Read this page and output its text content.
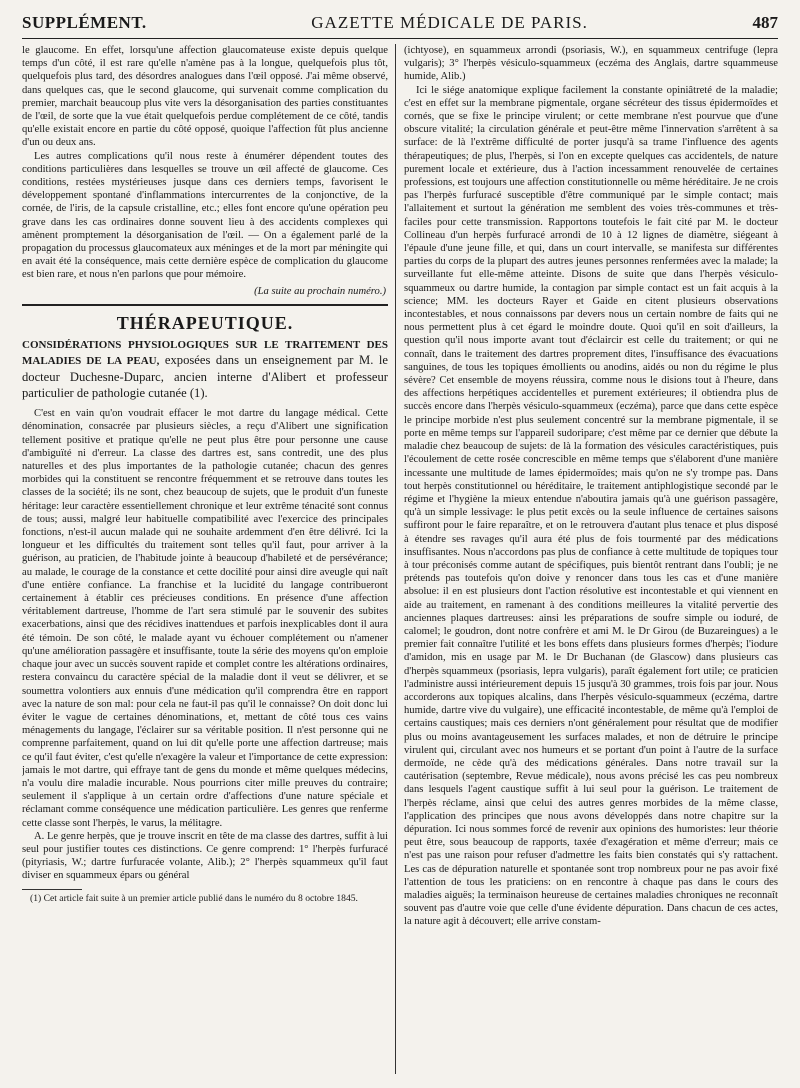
SUPPLÉMENT.	GAZETTE MÉDICALE DE PARIS.	487

le glaucome. En effet, lorsqu'une affection glaucomateuse existe depuis quelque temps d'un côté, il est rare qu'elle n'amène pas à la longue, quelquefois plus tôt, quelquefois plus tard, des désordres analogues dans l'œil opposé. J'ai même observé, dans quelques cas, que le second glaucome, qui survenait comme complication du premier, marchait beaucoup plus vite vers la désorganisation des parties constituantes de l'œil, de sorte que la vue était quelquefois perdue complétement de ce côté, tandis qu'elle existait encore en partie du côté opposé, quoique l'affection fût plus ancienne d'un ou deux ans.

Les autres complications qu'il nous reste à énumérer dépendent toutes des conditions particulières dans lesquelles se trouve un œil affecté de glaucome. Ces conditions, restées mystérieuses jusque dans ces derniers temps, favorisent le développement spontané d'inflammations intercurrentes de la conjonctive, de la cornée, de l'iris, de la capsule cristalline, etc.; elles font encore qu'une opération peu grave dans les cas ordinaires donne souvent lieu à des accidents complexes qui amènent promptement la désorganisation de l'œil. — On a également parlé de la propagation du processus glaucomateux aux méninges et de la mort par méningite qui en avait été la conséquence, mais cette dernière espèce de complication du glaucome est bien rare, et nous n'en parlons que pour mémoire.

(La suite au prochain numéro.)
THÉRAPEUTIQUE.
CONSIDÉRATIONS PHYSIOLOGIQUES SUR LE TRAITEMENT DES MALADIES DE LA PEAU, exposées dans un enseignement par M. le docteur Duchesne-Duparc, ancien interne d'Alibert et professeur particulier de pathologie cutanée (1).

C'est en vain qu'on voudrait effacer le mot dartre du langage médical. Cette dénomination, consacrée par plusieurs siècles, a reçu d'Alibert une signification tellement positive et pratique qu'elle ne peut plus être pour personne une cause d'ambiguïté ni d'erreur. La classe des dartres est, sans contredit, une des plus naturelles et des plus importantes de la pathologie cutanée; chacun des genres morbides qui la constituent se rencontre fréquemment et se retrouve dans toutes les classes de la société; ils ne sont, chez beaucoup de sujets, que le produit d'un funeste héritage: leur caractère essentiellement chronique et leur extrême ténacité sont connus de tous; aussi, malgré leur habituelle compatibilité avec l'exercice des principales fonctions, n'est-il aucun malade qui ne souhaite ardemment d'en être délivré. Ici la longueur et les difficultés du traitement sont telles qu'il faut, pour arriver à la guérison, au praticien, de l'habitude jointe à beaucoup d'habileté et de persévérance; au malade, le courage de la constance et cette docilité pour ainsi dire aveugle qui naît d'une entière confiance. La franchise et la lucidité du langage contribueront certainement à établir ces précieuses conditions. En présence d'une affection véritablement dartreuse, l'homme de l'art sera stimulé par le souvenir des subites exacerbations, ainsi que des récidives inattendues et parfois inexplicables dont il aura été témoin. De son côté, le malade ayant vu échouer complétement ou n'amener qu'une amélioration passagère et insuffisante, toute la série des moyens qu'on emploie chaque jour avec un succès souvent rapide et complet contre les altérations ordinaires, restera convaincu du caractère spécial de la maladie dont il veut se délivrer, et se soumettra volontiers aux ennuis d'une médication qu'il comprendra être en rapport avec la nature de son mal: pour cela ne faut-il pas qu'il le connaisse? On doit donc lui éviter le vague de certaines dénominations, et, mettant de côté tous ces vains ménagements du langage, l'éclairer sur sa véritable position. Il n'est personne qui ne comprenne parfaitement, quand on lui dit qu'elle porte une affection dartreuse; mais ce qu'il faut éviter, c'est qu'elle n'exagère la valeur et l'importance de cette expression: jamais le mot dartre, qui effraye tant de gens du monde et même quelques médecins, n'a voulu dire maladie incurable. Nous pourrions citer mille preuves du contraire; seulement il s'applique à un certain ordre d'affections d'une nature spéciale et réclamant comme conséquence une médication particulière. Les genres que renferme cette classe sont l'herpès, le varus, la mélitagre.

A. Le genre herpès, que je trouve inscrit en tête de ma classe des dartres, suffit à lui seul pour justifier toutes ces distinctions. Ce genre comprend: 1° l'herpès furfuracé (pityriasis, W.; dartre furfuracée volante, Alib.); 2° l'herpès squammeux qu'il faut diviser en squammeux épars ou général

(1) Cet article fait suite à un premier article publié dans le numéro du 8 octobre 1845.

(ichtyose), en squammeux arrondi (psoriasis, W.), en squammeux centrifuge (lepra vulgaris); 3° l'herpès vésiculo-squammeux (eczéma des Anglais, dartre squammeuse humide, Alib.)

Ici le siége anatomique explique facilement la constante opiniâtreté de la maladie; c'est en effet sur la membrane pigmentale, organe sécréteur des tissus épidermoïdes et cornés, que se fixe le principe virulent; or cette membrane n'est pourvue que d'une obscure vitalité; la circulation générale et peut-être même l'innervation s'arrêtent à sa surface: de là l'extrême difficulté de porter jusqu'à sa trame l'influence des agents thérapeutiques; de plus, l'herpès, si l'on en excepte quelques cas accidentels, de nature purement locale et extérieure, dus à l'action incessamment renouvelée de certaines professions, est toujours une affection constitutionnelle ou même héréditaire. Je ne crois pas l'herpès furfuracé susceptible d'être communiqué par le simple contact; mais l'allaitement et surtout la génération me semblent des voies très-communes et très-faciles pour cette transmission. Rapportons toutefois le fait cité par M. le docteur Collineau d'un herpès furfuracé arrondi de 10 à 12 lignes de diamètre, siégeant à l'épaule d'une jeune fille, et qui, dans un court intervalle, se manifesta sur différentes parties du corps de la plupart des autres jeunes personnes renfermées avec la malade; la surveillante fut elle-même atteinte. Disons de suite que dans l'herpès vésiculo-squammeux ou dartre humide, la contagion par simple contact est un fait acquis à la science; MM. les docteurs Rayer et Gaide en citent plusieurs observations incontestables, et nous connaissons par devers nous un certain nombre de faits qui ne nous permettent plus à cet égard le moindre doute. Quoi qu'il en soit d'ailleurs, la question qu'il nous importe avant tout d'éclaircir est celle du traitement; or qui ne connaît, dans le traitement des dartres proprement dites, l'insuffisance des évacuations sanguines, de tous les topiques émollients ou anodins, aidés ou non du régime le plus sévère? Cet ensemble de moyens réussira, comme nous le disions tout à l'heure, dans des affections herpétiques accidentelles et purement extérieures; il obtiendra plus de succès encore dans l'herpès vésiculo-squammeux (eczéma), parce que dans cette espèce le principe morbide n'est plus seulement concentré sur la membrane pigmentale, il se porte en même temps sur l'appareil sudoripare; c'est même par ce dernier que débute la maladie chez beaucoup de sujets: de là la formation des vésicules caractéristiques, puis l'écoulement de cette rosée concrescible en même temps que s'élaborent d'une manière incessante une multitude de lames épidermoïdes; mais qu'on ne s'y trompe pas. Dans tout herpès constitutionnel ou héréditaire, le traitement antiphlogistique secondé par le régime et l'hygiène la mieux entendue n'aboutira jamais qu'à une guérison passagère, qu'à un simple lessivage: le plus petit excès ou la seule influence de certaines saisons suffiront pour le faire reparaître, et on le retrouvera d'autant plus tenace et plus disposé à étendre ses ravages qu'il aura été plus de fois tourmenté par des médications insuffisantes. Nous n'accordons pas plus de confiance à cette multitude de topiques tour à tour préconisés comme autant de spécifiques, puis bientôt rentrant dans l'oubli; je ne prétends pas toutefois qu'on doive y renoncer dans tous les cas et d'une manière absolue: il en est plusieurs dont l'action résolutive est incontestable et qui viennent en aide au traitement, en ramenant à des conditions meilleures la vitalité pervertie des anciennes plaques dartreuses: ainsi les préparations de soufre simple ou ioduré, de calomel; le goudron, dont notre confrère et ami M. le Dr Girou (de Buzareingues) a le premier fait connaître l'utilité et les bons effets dans plusieurs formes d'herpès; l'iodure d'amidon, mis en usage par M. le Dr Buchanan (de Glascow) dans plusieurs cas d'herpès squammeux (psoriasis, lepra vulgaris), paraît également fort utile; ce praticien l'administre aussi intérieurement depuis 15 jusqu'à 30 grammes, trois fois par jour. Nous accorderons aux topiques alcalins, dans l'herpès vésiculo-squammeux (eczéma, dartre humide, dartre vive du vulgaire), une efficacité incontestable, de même qu'à l'emploi de certains caustiques; mais ces derniers n'ont généralement pour résultat que de modifier plus ou moins avantageusement les surfaces malades, et non de détruire le principe virulent qui, circulant avec nos humeurs et se portant d'un point à l'autre de la surface dermoïde, ne cède qu'à des médications générales. Dans notre travail sur la cautérisation (septembre, Revue médicale), nous avons précisé les cas peu nombreux dans lesquels l'agent caustique suffit à lui seul pour la guérison. Le traitement de l'herpès réclame, ainsi que celui des autres genres morbides de la même classe, l'application des principes que nous avons développés dans notre chapitre sur la dépuration. Ici nous sommes forcé de revenir aux opinions des humoristes: leur théorie peut être, sous beaucoup de rapports, taxée d'exagération et même d'erreur; mais ce n'est pas une raison pour refuser d'admettre les faits bien constatés qui s'y rattachent. Les cas de dépuration naturelle et spontanée sont trop nombreux pour ne pas avoir fixé l'attention de tous les praticiens: on en rencontre à chaque pas dans le cours des maladies aiguës; la terminaison heureuse de certaines maladies chroniques ne reconnaît souvent pas d'autre voie que celle d'une évidente dépuration. Dans chacun de ces actes, la nature agit à découvert; elle arrive constam-
